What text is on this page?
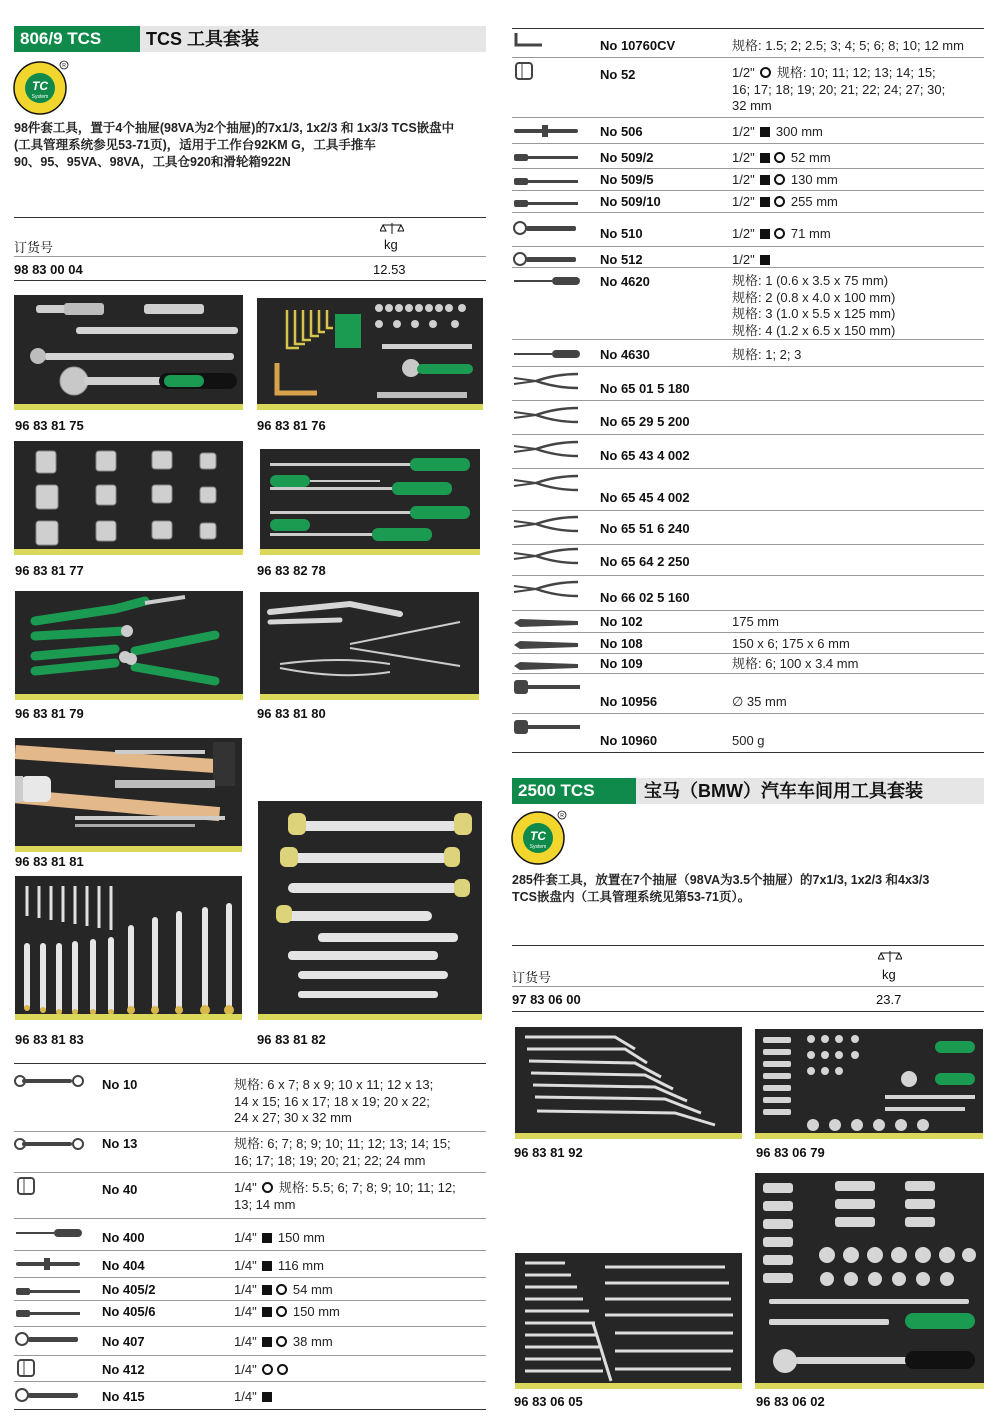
806/9 TCS	TCS 工具套装
TC
System
R
98件套工具，置于4个抽屉(98VA为2个抽屉)的7x1/3, 1x2/3 和 1x3/3 TCS嵌盘中
(工具管理系统参见53-71页)，适用于工作台92KM G，工具手推车
90、95、95VA、98VA，工具仓920和滑轮箱922N
kg
订货号
98 83 00 04	12.53
96 83 81 75	96 83 81 76
96 83 81 77	96 83 82 78
96 83 81 79	96 83 81 80
96 83 81 81
96 83 81 83	96 83 81 82
No 10	规格: 6 x 7; 8 x 9; 10 x 11; 12 x 13;
14 x 15; 16 x 17; 18 x 19; 20 x 22;
24 x 27; 30 x 32 mm
No 13	规格: 6; 7; 8; 9; 10; 11; 12; 13; 14; 15;
16; 17; 18; 19; 20; 21; 22; 24 mm
No 40	1/4"  规格: 5.5; 6; 7; 8; 9; 10; 11; 12;
13; 14 mm
No 400	1/4"  150 mm
No 404	1/4"  116 mm
No 405/2	1/4"  54 mm
No 405/6	1/4"  150 mm
No 407	1/4"  38 mm
No 412	1/4"
No 415	1/4"
No 10760CV	规格: 1.5; 2; 2.5; 3; 4; 5; 6; 8; 10; 12 mm
No 52	1/2"  规格: 10; 11; 12; 13; 14; 15;
16; 17; 18; 19; 20; 21; 22; 24; 27; 30;
32 mm
No 506	1/2"  300 mm
No 509/2	1/2"  52 mm
No 509/5	1/2"  130 mm
No 509/10	1/2"  255 mm
No 510	1/2"  71 mm
No 512	1/2"
No 4620	规格: 1 (0.6 x 3.5 x 75 mm)
规格: 2 (0.8 x 4.0 x 100 mm)
规格: 3 (1.0 x 5.5 x 125 mm)
规格: 4 (1.2 x 6.5 x 150 mm)
No 4630	规格: 1; 2; 3
No 65 01 5 180
No 65 29 5 200
No 65 43 4 002
No 65 45 4 002
No 65 51 6 240
No 65 64 2 250
No 66 02 5 160
No 102	175 mm
No 108	150 x 6; 175 x 6 mm
No 109	规格: 6; 100 x 3.4 mm
No 10956	∅ 35 mm
No 10960	500 g
2500 TCS	宝马（BMW）汽车车间用工具套装
TC
System
R
285件套工具，放置在7个抽屉（98VA为3.5个抽屉）的7x1/3, 1x2/3 和4x3/3
TCS嵌盘内（工具管理系统见第53-71页）。
kg
订货号
97 83 06 00	23.7
96 83 81 92	96 83 06 79
96 83 06 05	96 83 06 02
